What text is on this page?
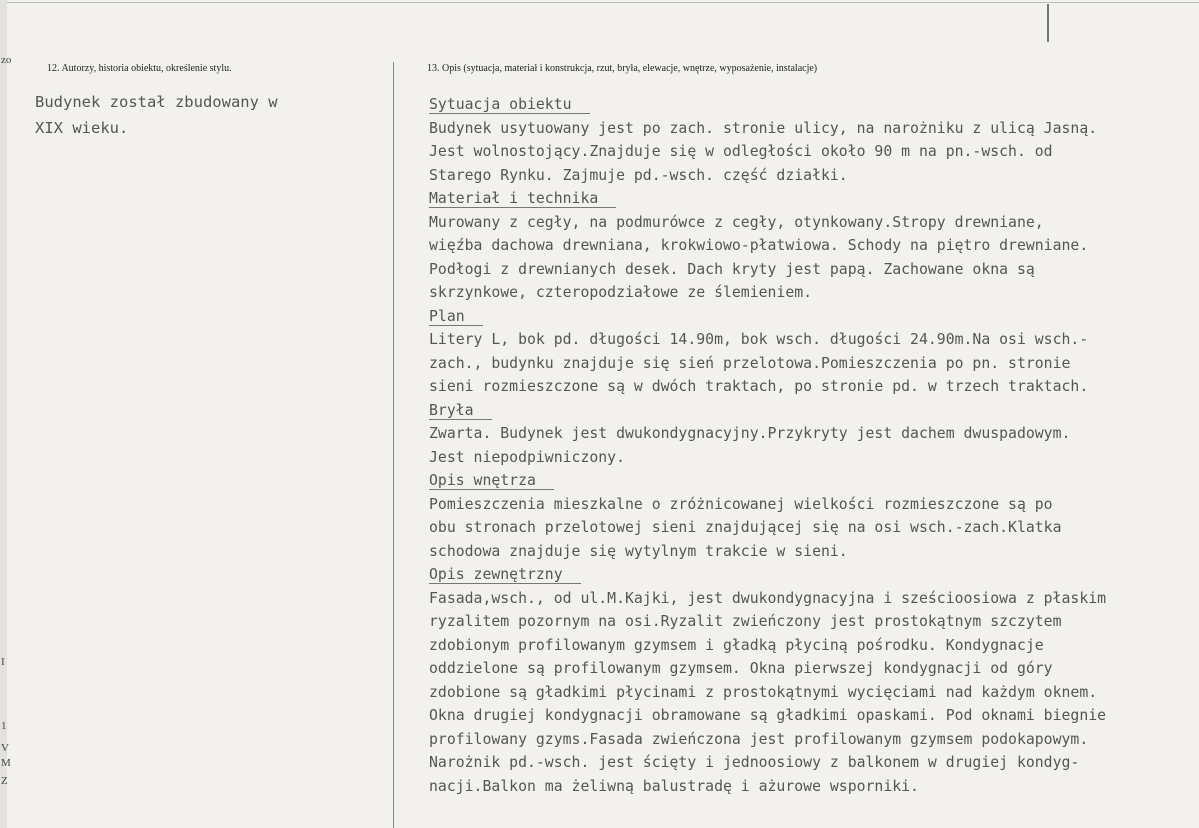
zo
I
1
V
M
Z
12. Autorzy, historia obiektu, określenie stylu.
Budynek został zbudowany w
XIX wieku.
13. Opis (sytuacja, materiał i konstrukcja, rzut, bryła, elewacje, wnętrze, wyposażenie, instalacje)
Sytuacja obiektu
Budynek usytuowany jest po zach. stronie ulicy, na narożniku z ulicą Jasną.
Jest wolnostojący.Znajduje się w odległości około 90 m na pn.-wsch. od
Starego Rynku. Zajmuje pd.-wsch. część działki.
Materiał i technika
Murowany z cegły, na podmurówce z cegły, otynkowany.Stropy drewniane,
więźba dachowa drewniana, krokwiowo-płatwiowa. Schody na piętro drewniane.
Podłogi z drewnianych desek. Dach kryty jest papą. Zachowane okna są
skrzynkowe, czteropodziałowe ze ślemieniem.
Plan
Litery L, bok pd. długości 14.90m, bok wsch. długości 24.90m.Na osi wsch.-
zach., budynku znajduje się sień przelotowa.Pomieszczenia po pn. stronie
sieni rozmieszczone są w dwóch traktach, po stronie pd. w trzech traktach.
Bryła
Zwarta. Budynek jest dwukondygnacyjny.Przykryty jest dachem dwuspadowym.
Jest niepodpiwniczony.
Opis wnętrza
Pomieszczenia mieszkalne o zróżnicowanej wielkości rozmieszczone są po
obu stronach przelotowej sieni znajdującej się na osi wsch.-zach.Klatka
schodowa znajduje się wytylnym trakcie w sieni.
Opis zewnętrzny
Fasada,wsch., od ul.M.Kajki, jest dwukondygnacyjna i sześcioosiowa z płaskim
ryzalitem pozornym na osi.Ryzalit zwieńczony jest prostokątnym szczytem
zdobionym profilowanym gzymsem i gładką płyciną pośrodku. Kondygnacje
oddzielone są profilowanym gzymsem. Okna pierwszej kondygnacji od góry
zdobione są gładkimi płycinami z prostokątnymi wycięciami nad każdym oknem.
Okna drugiej kondygnacji obramowane są gładkimi opaskami. Pod oknami biegnie
profilowany gzyms.Fasada zwieńczona jest profilowanym gzymsem podokapowym.
Narożnik pd.-wsch. jest ścięty i jednoosiowy z balkonem w drugiej kondyg-
nacji.Balkon ma żeliwną balustradę i ażurowe wsporniki.
